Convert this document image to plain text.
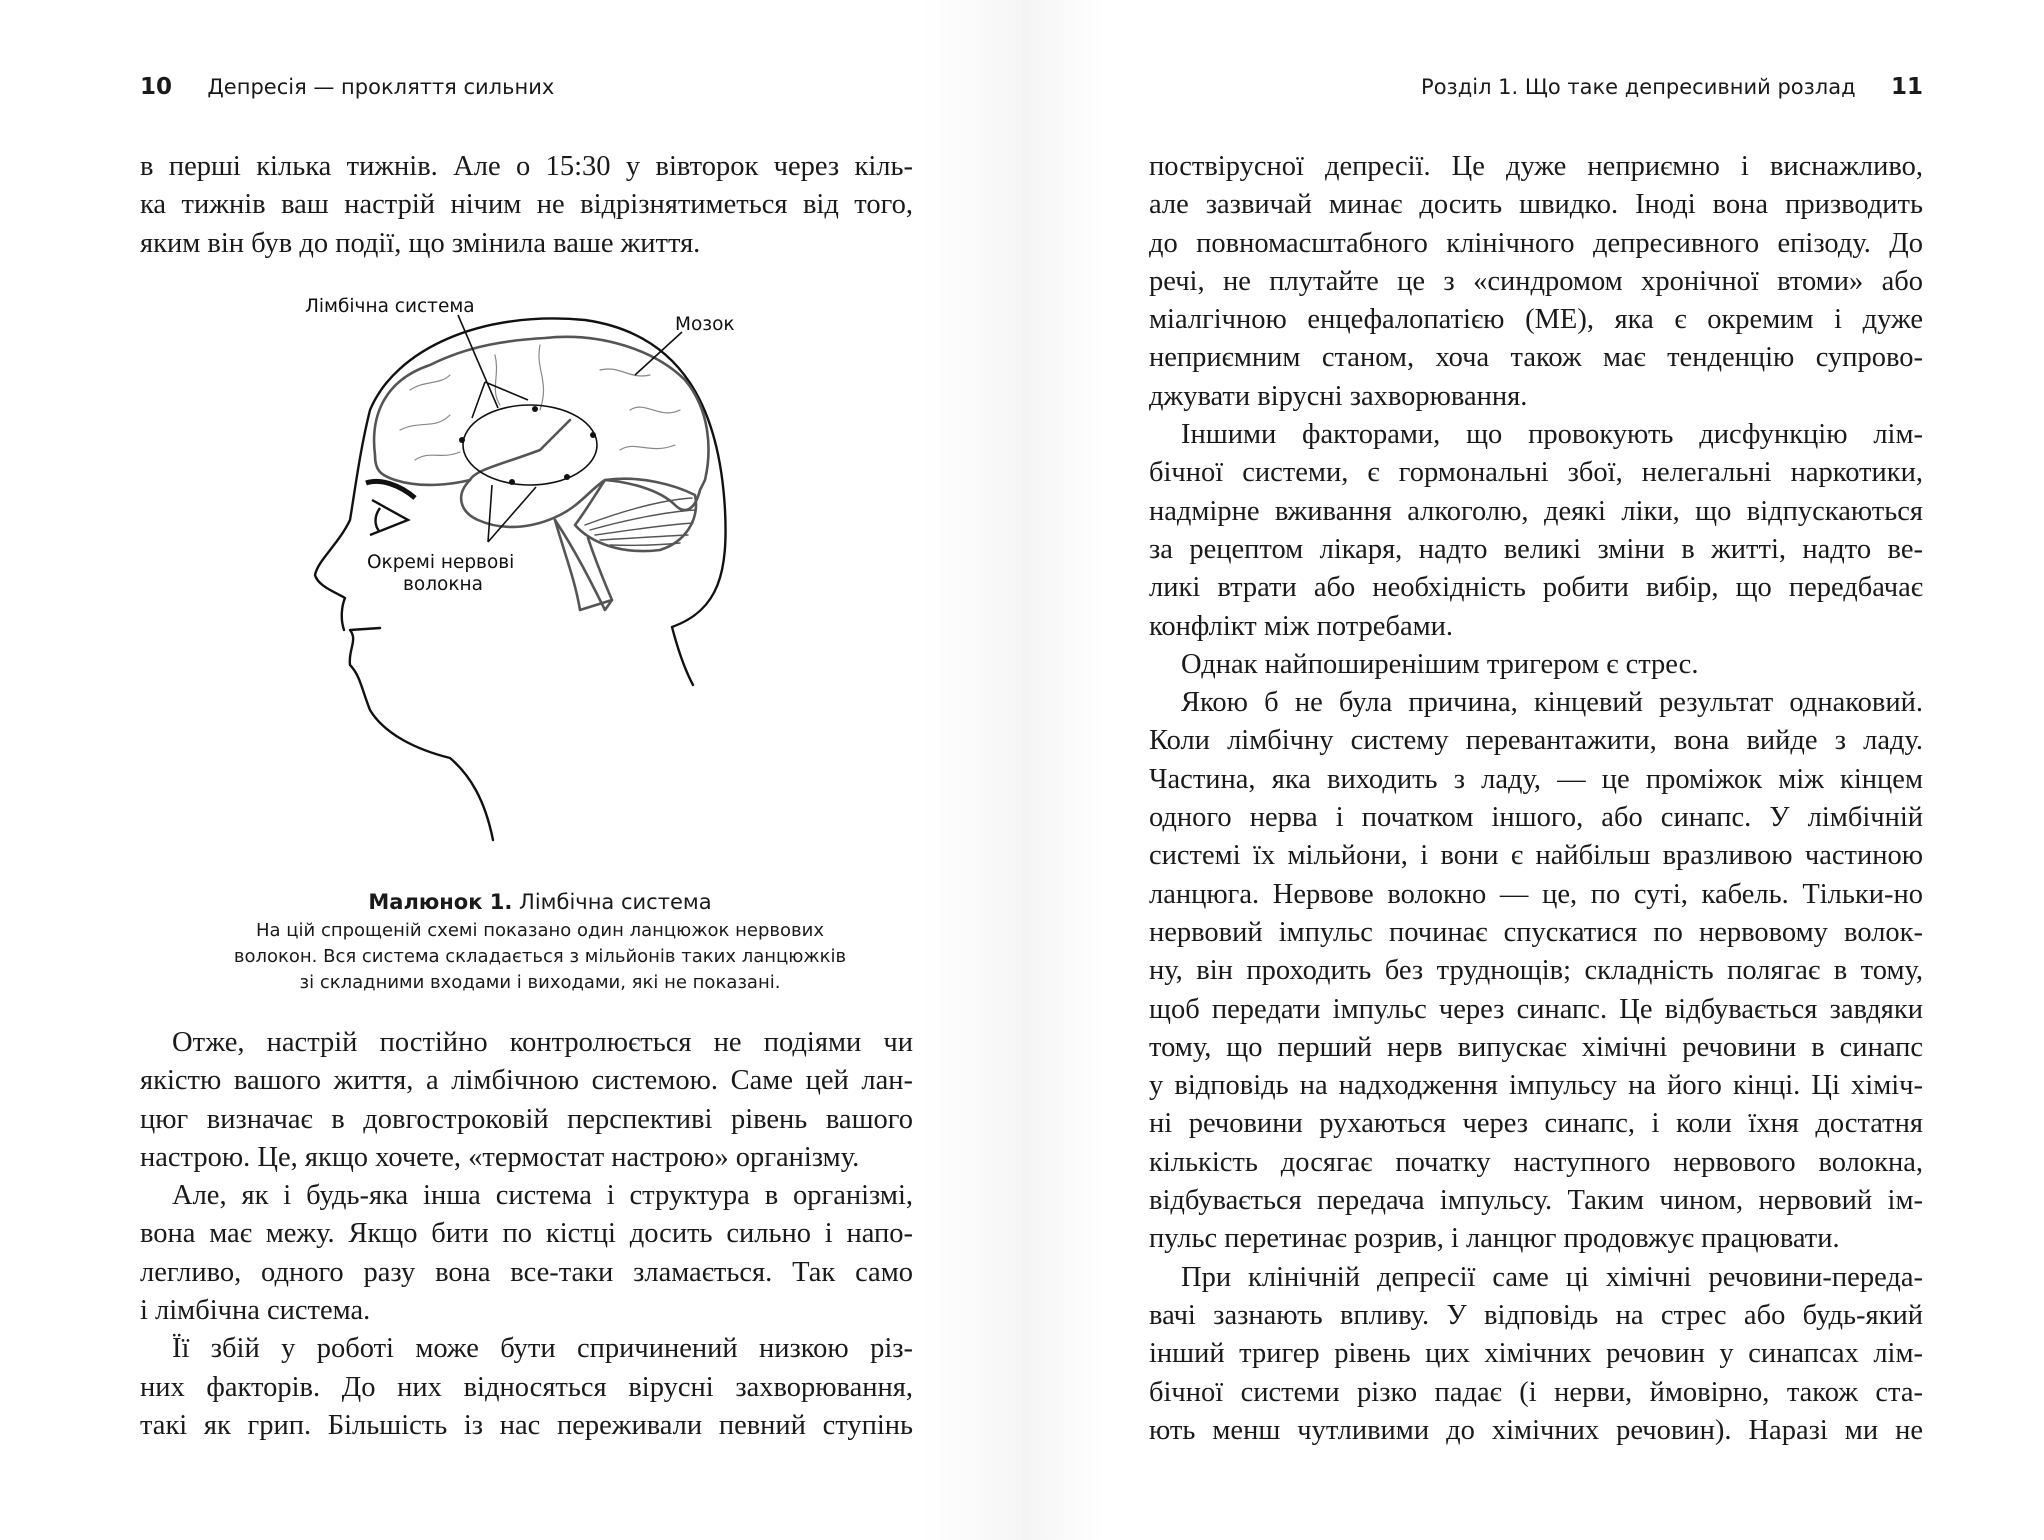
10 Депресія — прокляття сильних
в перші кілька тижнів. Але о 15:30 у вівторок через кіль-
ка тижнів ваш настрій нічим не відрізнятиметься від того,
яким він був до події, що змінила ваше життя.
Лімбічна система
Мозок
Окремі нервові
волокна
Малюнок 1. Лімбічна система
На цій спрощеній схемі показано один ланцюжок нервових
волокон. Вся система складається з мільйонів таких ланцюжків
зі складними входами і виходами, які не показані.
Отже, настрій постійно контролюється не подіями чи
якістю вашого життя, а лімбічною системою. Саме цей лан-
цюг визначає в довгостроковій перспективі рівень вашого
настрою. Це, якщо хочете, «термостат настрою» організму.
Але, як і будь-яка інша система і структура в організмі,
вона має межу. Якщо бити по кістці досить сильно і напо-
легливо, одного разу вона все-таки зламається. Так само
і лімбічна система.
Її збій у роботі може бути спричинений низкою різ-
них факторів. До них відносяться вірусні захворювання,
такі як грип. Більшість із нас переживали певний ступінь
Розділ 1. Що таке депресивний розлад 11
поствірусної депресії. Це дуже неприємно і виснажливо,
але зазвичай минає досить швидко. Іноді вона призводить
до повномасштабного клінічного депресивного епізоду. До
речі, не плутайте це з «синдромом хронічної втоми» або
міалгічною енцефалопатією (МЕ), яка є окремим і дуже
неприємним станом, хоча також має тенденцію супрово-
джувати вірусні захворювання.
Іншими факторами, що провокують дисфункцію лім-
бічної системи, є гормональні збої, нелегальні наркотики,
надмірне вживання алкоголю, деякі ліки, що відпускаються
за рецептом лікаря, надто великі зміни в житті, надто ве-
ликі втрати або необхідність робити вибір, що передбачає
конфлікт між потребами.
Однак найпоширенішим тригером є стрес.
Якою б не була причина, кінцевий результат однаковий.
Коли лімбічну систему перевантажити, вона вийде з ладу.
Частина, яка виходить з ладу, — це проміжок між кінцем
одного нерва і початком іншого, або синапс. У лімбічній
системі їх мільйони, і вони є найбільш вразливою частиною
ланцюга. Нервове волокно — це, по суті, кабель. Тільки-но
нервовий імпульс починає спускатися по нервовому волок-
ну, він проходить без труднощів; складність полягає в тому,
щоб передати імпульс через синапс. Це відбувається завдяки
тому, що перший нерв випускає хімічні речовини в синапс
у відповідь на надходження імпульсу на його кінці. Ці хіміч-
ні речовини рухаються через синапс, і коли їхня достатня
кількість досягає початку наступного нервового волокна,
відбувається передача імпульсу. Таким чином, нервовий ім-
пульс перетинає розрив, і ланцюг продовжує працювати.
При клінічній депресії саме ці хімічні речовини-переда-
вачі зазнають впливу. У відповідь на стрес або будь-який
інший тригер рівень цих хімічних речовин у синапсах лім-
бічної системи різко падає (і нерви, ймовірно, також ста-
ють менш чутливими до хімічних речовин). Наразі ми не
